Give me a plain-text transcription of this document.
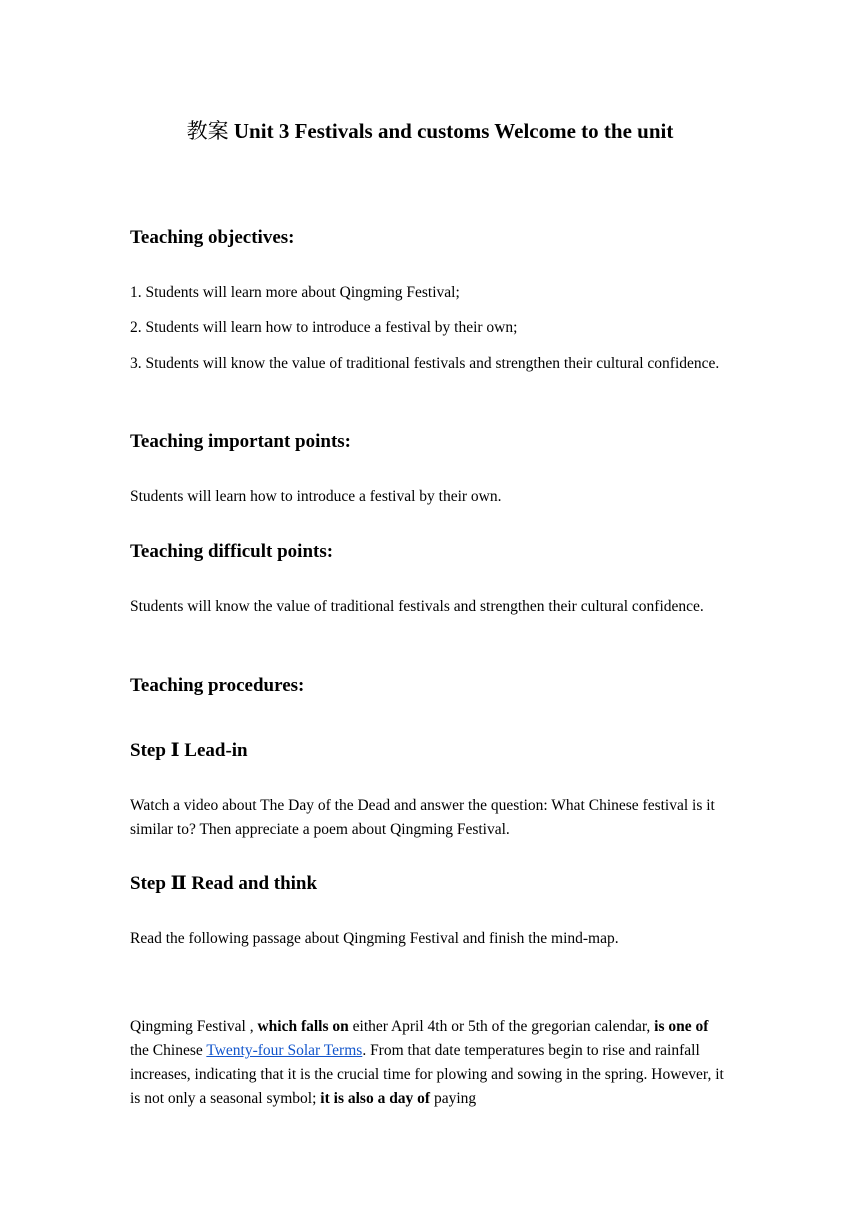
教案 Unit 3 Festivals and customs Welcome to the unit
Teaching objectives:
1. Students will learn more about Qingming Festival;
2. Students will learn how to introduce a festival by their own;
3. Students will know the value of traditional festivals and strengthen their cultural confidence.
Teaching important points:
Students will learn how to introduce a festival by their own.
Teaching difficult points:
Students will know the value of traditional festivals and strengthen their cultural confidence.
Teaching procedures:
Step Ⅰ Lead-in
Watch a video about The Day of the Dead and answer the question: What Chinese festival is it similar to? Then appreciate a poem about Qingming Festival.
Step Ⅱ Read and think
Read the following passage about Qingming Festival and finish the mind-map.
Qingming Festival , which falls on either April 4th or 5th of the gregorian calendar, is one of the Chinese Twenty-four Solar Terms. From that date temperatures begin to rise and rainfall increases, indicating that it is the crucial time for plowing and sowing in the spring. However, it is not only a seasonal symbol; it is also a day of paying
